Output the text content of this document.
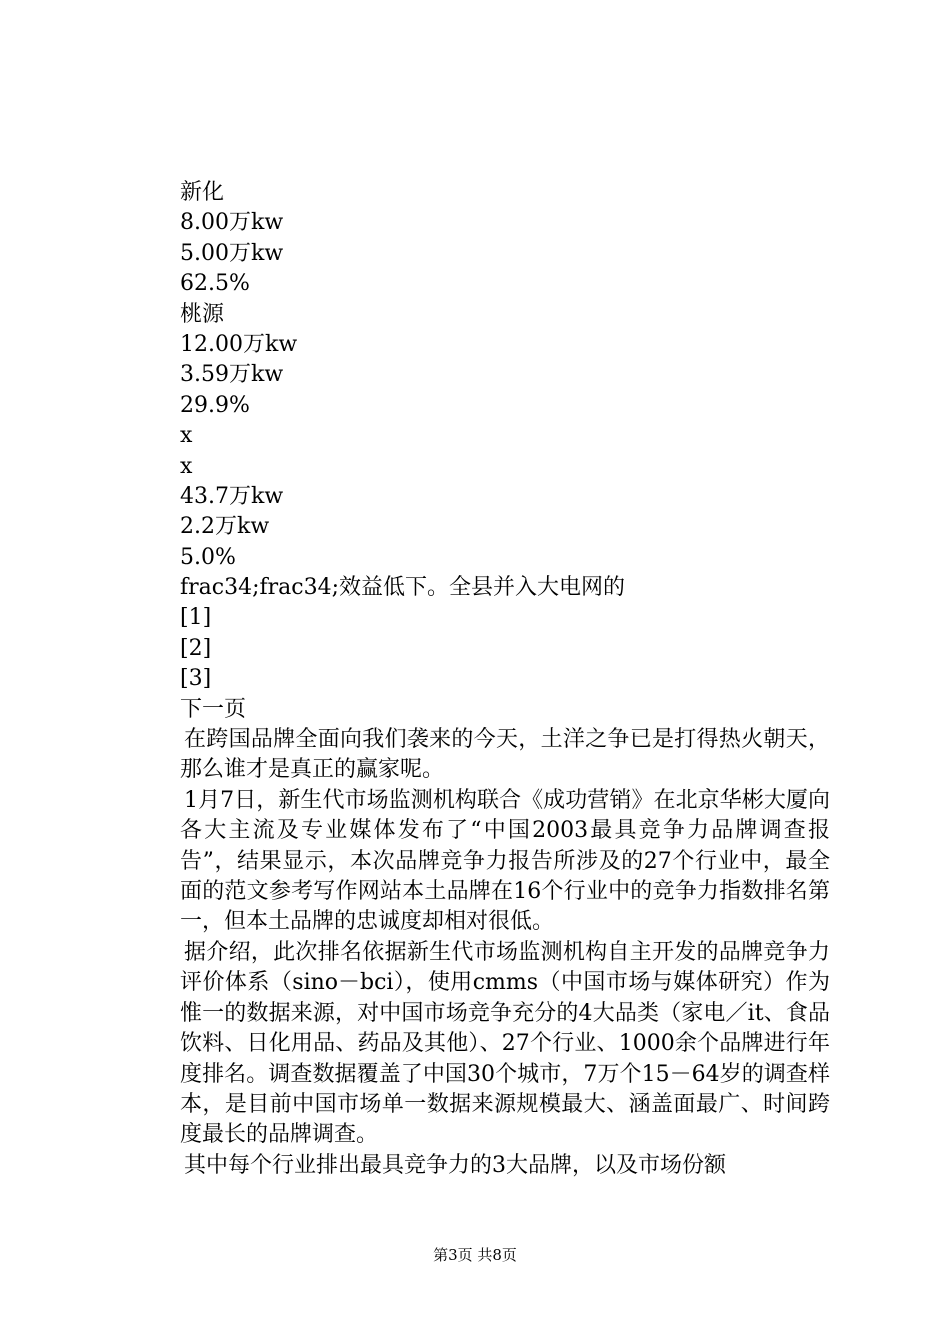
新化
8.00万kw
5.00万kw
62.5%
桃源
12.00万kw
3.59万kw
29.9%
x
x
43.7万kw
2.2万kw
5.0%
frac34;frac34;效益低下。全县并入大电网的
[1]
[2]
[3]
下一页

在跨国品牌全面向我们袭来的今天，土洋之争已是打得热火朝天，那么谁才是真正的赢家呢。

1月7日，新生代市场监测机构联合《成功营销》在北京华彬大厦向各大主流及专业媒体发布了“中国2003最具竞争力品牌调查报告”，结果显示，本次品牌竞争力报告所涉及的27个行业中，最全面的范文参考写作网站本土品牌在16个行业中的竞争力指数排名第一，但本土品牌的忠诚度却相对很低。

据介绍，此次排名依据新生代市场监测机构自主开发的品牌竞争力评价体系（sino－bci），使用cmms（中国市场与媒体研究）作为惟一的数据来源，对中国市场竞争充分的4大品类（家电／it、食品饮料、日化用品、药品及其他）、27个行业、1000余个品牌进行年度排名。调查数据覆盖了中国30个城市，7万个15－64岁的调查样本，是目前中国市场单一数据来源规模最大、涵盖面最广、时间跨度最长的品牌调查。

其中每个行业排出最具竞争力的3大品牌，以及市场份额

第3页 共8页
